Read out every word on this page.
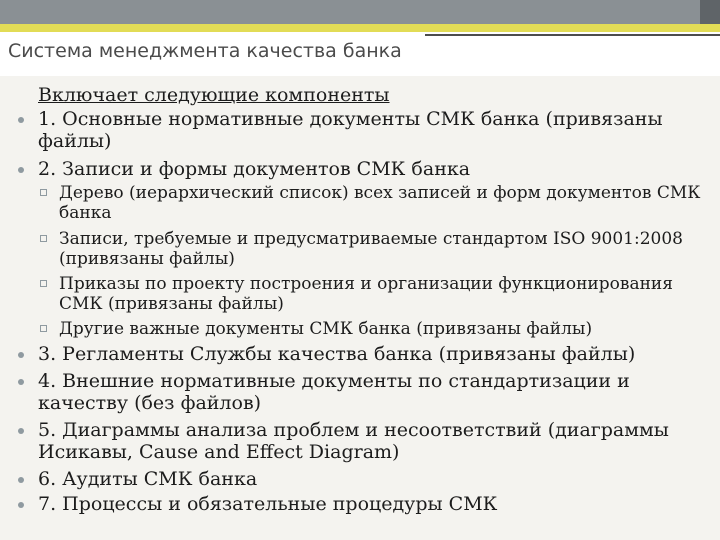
Система менеджмента качества банка
Включает следующие компоненты
1. Основные нормативные документы СМК банка (привязаны файлы)
2. Записи и формы документов СМК банка
Дерево (иерархический список) всех записей и форм документов СМК банка
Записи, требуемые и предусматриваемые стандартом ISO 9001:2008 (привязаны файлы)
Приказы по проекту построения и организации функционирования СМК (привязаны файлы)
Другие важные документы СМК банка (привязаны файлы)
3. Регламенты Службы качества банка (привязаны файлы)
4. Внешние нормативные документы по стандартизации и качеству (без файлов)
5. Диаграммы анализа проблем и несоответствий (диаграммы Исикавы, Cause and Effect Diagram)
6. Аудиты СМК банка
7. Процессы и обязательные процедуры СМК
